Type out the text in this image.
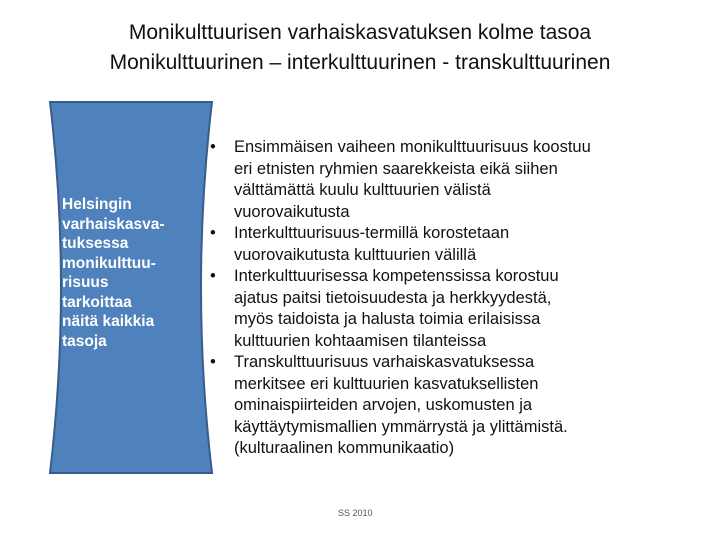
Monikulttuurisen varhaiskasvatuksen kolme tasoa
Monikulttuurinen – interkulttuurinen - transkulttuurinen
Helsingin
varhaiskasva-
tuksessa
monikulttuu-
risuus
tarkoittaa
näitä kaikkia
tasoja
• Ensimmäisen vaiheen monikulttuurisuus koostuu
eri etnisten ryhmien saarekkeista eikä siihen
välttämättä kuulu kulttuurien välistä
vuorovaikutusta
• Interkulttuurisuus-termillä korostetaan
vuorovaikutusta kulttuurien välillä
• Interkulttuurisessa kompetenssissa korostuu
ajatus paitsi tietoisuudesta ja herkkyydestä,
myös taidoista ja halusta toimia erilaisissa
kulttuurien kohtaamisen tilanteissa
• Transkulttuurisuus varhaiskasvatuksessa
merkitsee eri kulttuurien kasvatuksellisten
ominaispiirteiden arvojen, uskomusten ja
käyttäytymismallien ymmärrystä ja ylittämistä.
(kulturaalinen kommunikaatio)
SS 2010
